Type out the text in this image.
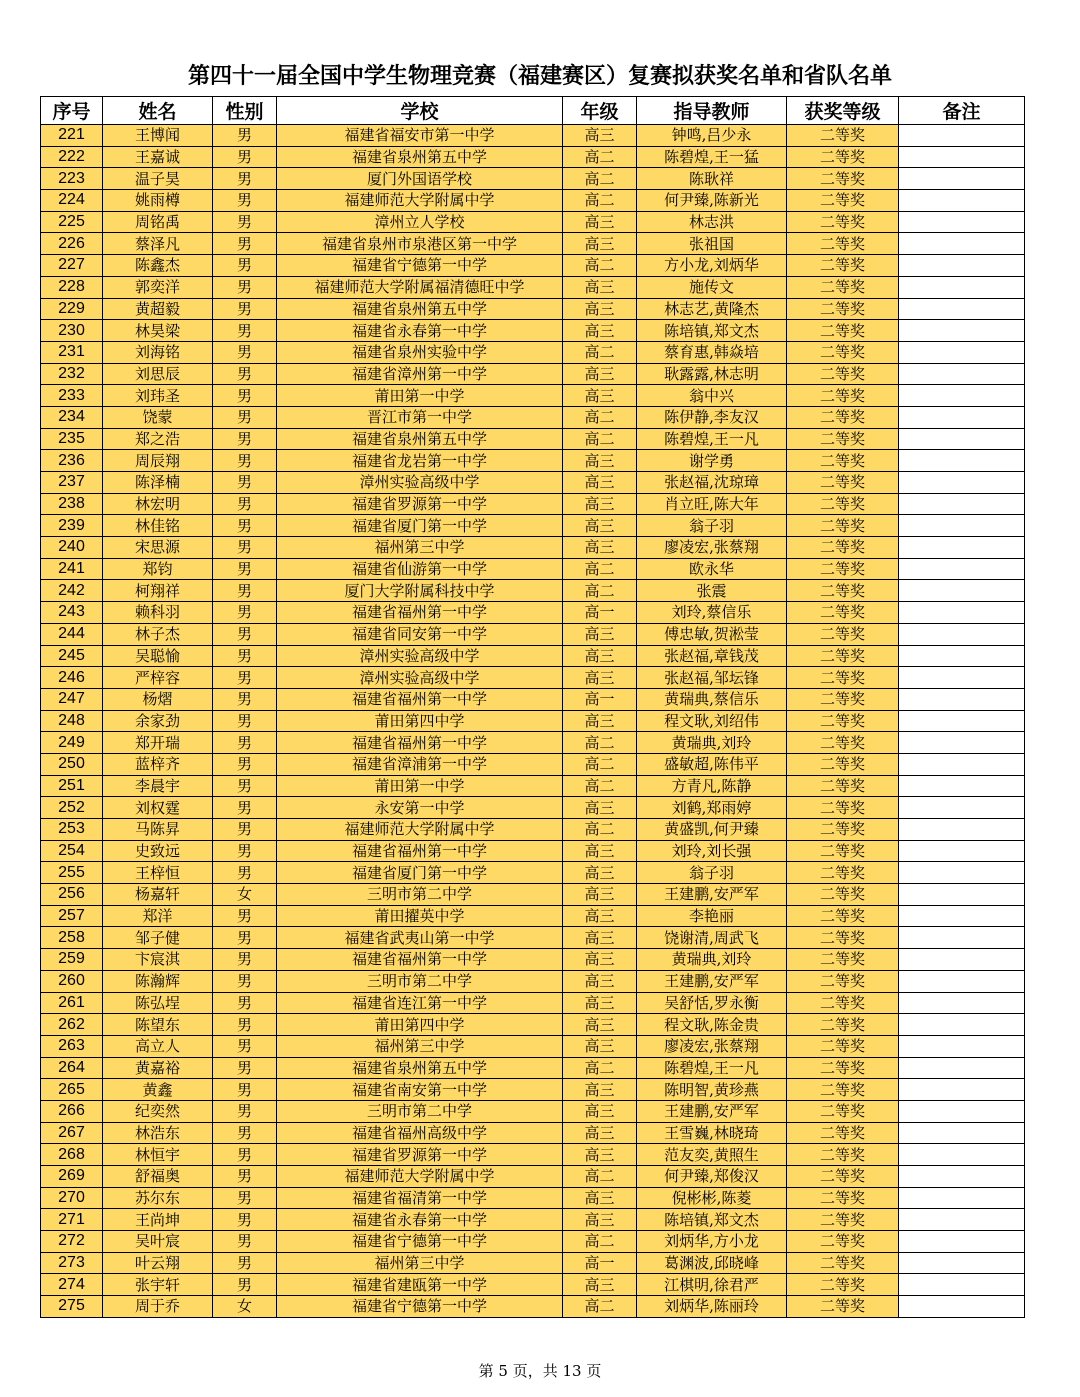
第四十一届全国中学生物理竞赛（福建赛区）复赛拟获奖名单和省队名单
序号	姓名	性别	学校	年级	指导教师	获奖等级	备注
221	王博闻	男	福建省福安市第一中学	高三	钟鸣,吕少永	二等奖	
222	王嘉诚	男	福建省泉州第五中学	高二	陈碧煌,王一猛	二等奖	
223	温子昊	男	厦门外国语学校	高二	陈耿祥	二等奖	
224	姚雨樽	男	福建师范大学附属中学	高二	何尹臻,陈新光	二等奖	
225	周铭禹	男	漳州立人学校	高三	林志洪	二等奖	
226	蔡泽凡	男	福建省泉州市泉港区第一中学	高三	张祖国	二等奖	
227	陈鑫杰	男	福建省宁德第一中学	高二	方小龙,刘炳华	二等奖	
228	郭奕洋	男	福建师范大学附属福清德旺中学	高三	施传文	二等奖	
229	黄超毅	男	福建省泉州第五中学	高三	林志艺,黄隆杰	二等奖	
230	林昊梁	男	福建省永春第一中学	高三	陈培镇,郑文杰	二等奖	
231	刘海铭	男	福建省泉州实验中学	高二	蔡育惠,韩焱培	二等奖	
232	刘思辰	男	福建省漳州第一中学	高三	耿露露,林志明	二等奖	
233	刘玮圣	男	莆田第一中学	高三	翁中兴	二等奖	
234	饶蒙	男	晋江市第一中学	高二	陈伊静,李友汉	二等奖	
235	郑之浩	男	福建省泉州第五中学	高二	陈碧煌,王一凡	二等奖	
236	周辰翔	男	福建省龙岩第一中学	高三	谢学勇	二等奖	
237	陈泽楠	男	漳州实验高级中学	高三	张赵福,沈琼璋	二等奖	
238	林宏明	男	福建省罗源第一中学	高三	肖立旺,陈大年	二等奖	
239	林佳铭	男	福建省厦门第一中学	高三	翁子羽	二等奖	
240	宋思源	男	福州第三中学	高三	廖凌宏,张蔡翔	二等奖	
241	郑钧	男	福建省仙游第一中学	高二	欧永华	二等奖	
242	柯翔祥	男	厦门大学附属科技中学	高二	张震	二等奖	
243	赖科羽	男	福建省福州第一中学	高一	刘玲,蔡信乐	二等奖	
244	林子杰	男	福建省同安第一中学	高三	傅忠敏,贺淞莹	二等奖	
245	吴聪愉	男	漳州实验高级中学	高三	张赵福,章钱茂	二等奖	
246	严梓容	男	漳州实验高级中学	高三	张赵福,邹坛锋	二等奖	
247	杨熠	男	福建省福州第一中学	高一	黄瑞典,蔡信乐	二等奖	
248	余家劲	男	莆田第四中学	高三	程文耿,刘绍伟	二等奖	
249	郑开瑞	男	福建省福州第一中学	高二	黄瑞典,刘玲	二等奖	
250	蓝梓齐	男	福建省漳浦第一中学	高二	盛敏超,陈伟平	二等奖	
251	李晨宇	男	莆田第一中学	高二	方青凡,陈静	二等奖	
252	刘权霆	男	永安第一中学	高三	刘鹤,郑雨婷	二等奖	
253	马陈昇	男	福建师范大学附属中学	高二	黄盛凯,何尹臻	二等奖	
254	史致远	男	福建省福州第一中学	高三	刘玲,刘长强	二等奖	
255	王梓恒	男	福建省厦门第一中学	高三	翁子羽	二等奖	
256	杨嘉轩	女	三明市第二中学	高三	王建鹏,安严军	二等奖	
257	郑洋	男	莆田擢英中学	高三	李艳丽	二等奖	
258	邹子健	男	福建省武夷山第一中学	高三	饶谢清,周武飞	二等奖	
259	卞宸淇	男	福建省福州第一中学	高三	黄瑞典,刘玲	二等奖	
260	陈瀚辉	男	三明市第二中学	高三	王建鹏,安严军	二等奖	
261	陈弘埕	男	福建省连江第一中学	高三	吴舒恬,罗永衡	二等奖	
262	陈望东	男	莆田第四中学	高三	程文耿,陈金贵	二等奖	
263	高立人	男	福州第三中学	高三	廖凌宏,张蔡翔	二等奖	
264	黄嘉裕	男	福建省泉州第五中学	高二	陈碧煌,王一凡	二等奖	
265	黄鑫	男	福建省南安第一中学	高三	陈明智,黄珍燕	二等奖	
266	纪奕然	男	三明市第二中学	高三	王建鹏,安严军	二等奖	
267	林浩东	男	福建省福州高级中学	高三	王雪巍,林晓琦	二等奖	
268	林恒宇	男	福建省罗源第一中学	高三	范友奕,黄照生	二等奖	
269	舒福奥	男	福建师范大学附属中学	高二	何尹臻,郑俊汉	二等奖	
270	苏尔东	男	福建省福清第一中学	高三	倪彬彬,陈菱	二等奖	
271	王尚坤	男	福建省永春第一中学	高三	陈培镇,郑文杰	二等奖	
272	吴叶宸	男	福建省宁德第一中学	高二	刘炳华,方小龙	二等奖	
273	叶云翔	男	福州第三中学	高一	葛渊波,邱晓峰	二等奖	
274	张宇轩	男	福建省建瓯第一中学	高三	江棋明,徐君严	二等奖	
275	周于乔	女	福建省宁德第一中学	高二	刘炳华,陈丽玲	二等奖	
第 5 页，共 13 页
